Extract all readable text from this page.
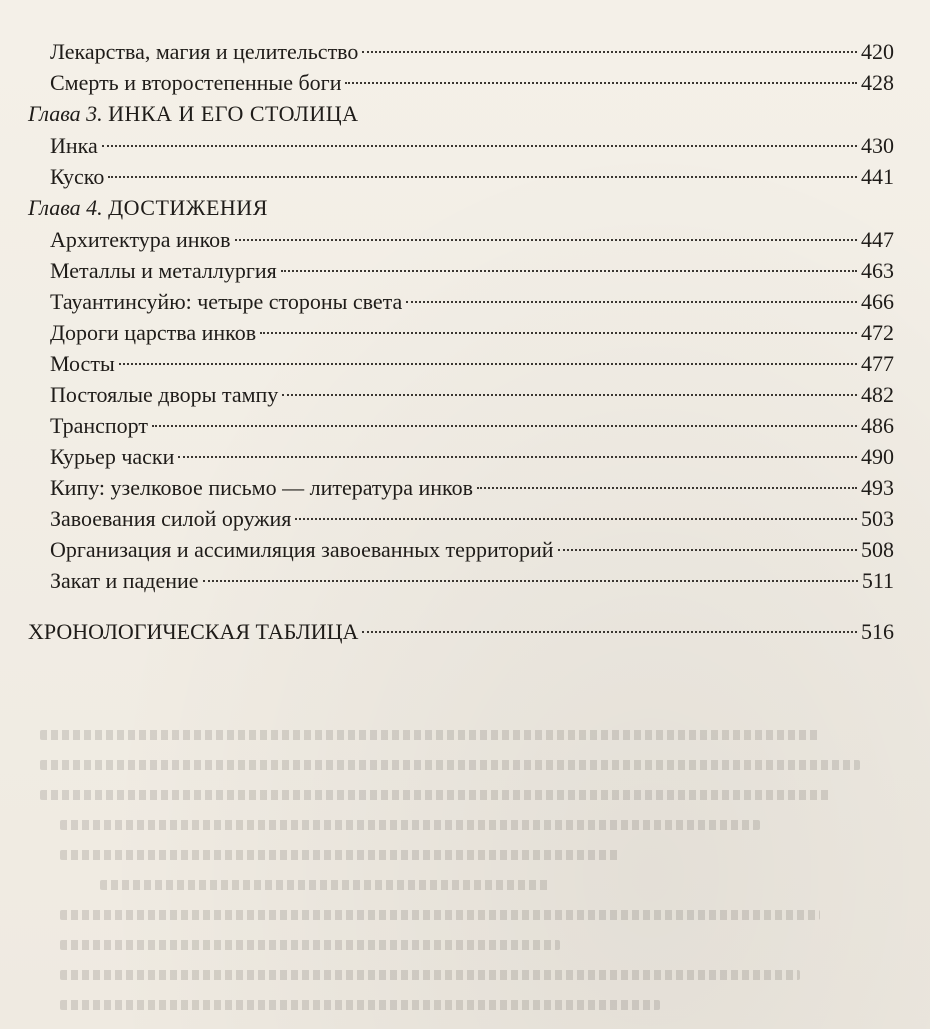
Лекарства, магия и целительство	420
Смерть и второстепенные боги	428
Глава 3. ИНКА И ЕГО СТОЛИЦА
Инка	430
Куско	441
Глава 4. ДОСТИЖЕНИЯ
Архитектура инков	447
Металлы и металлургия	463
Тауантинсуйю: четыре стороны света	466
Дороги царства инков	472
Мосты	477
Постоялые дворы тампу	482
Транспорт	486
Курьер часки	490
Кипу: узелковое письмо — литература инков	493
Завоевания силой оружия	503
Организация и ассимиляция завоеванных территорий	508
Закат и падение	511
ХРОНОЛОГИЧЕСКАЯ ТАБЛИЦА	516
